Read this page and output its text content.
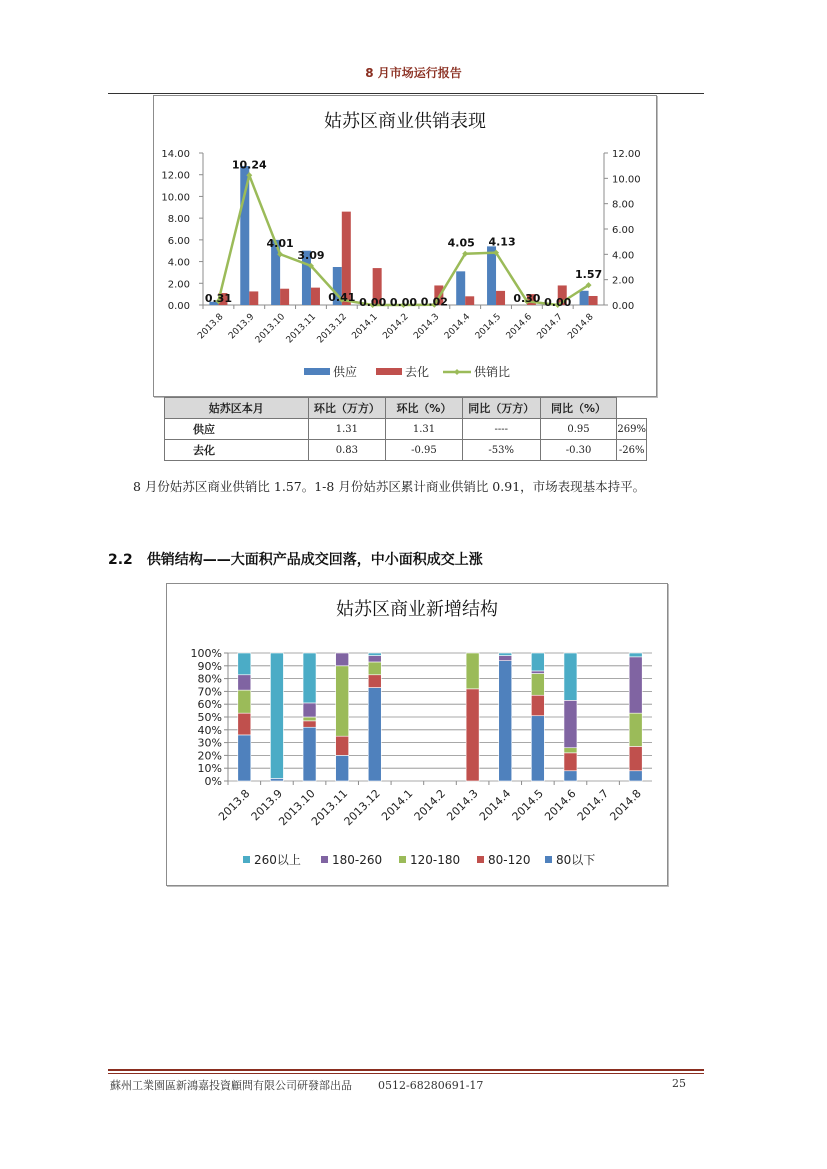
8 月市场运行报告
姑苏区商业供销表现
0.00
2.00
4.00
6.00
8.00
10.00
12.00
14.00
0.00
2.00
4.00
6.00
8.00
10.00
12.00
2013.8 2013.9
2013.10
2013.11
2013.12 2014.1 2014.2 2014.3 2014.4 2014.5 2014.6 2014.7 2014.8
0.31
10.24
4.01
3.09
0.41 0.00 0.00 0.02
4.05 4.13
0.30 0.00
1.57
供应	去化	供销比
姑苏区本月	环比（万方）	环比（%）	同比（万方）	同比（%）	
供应	1.31	1.31	----	0.95	269%
去化	0.83	-0.95	-53%	-0.30	-26%
8 月份姑苏区商业供销比 1.57。1-8 月份姑苏区累计商业供销比 0.91，市场表现基本持平。
2.2 供销结构——大面积产品成交回落，中小面积成交上涨
姑苏区商业新增结构
0%
10%
20%
30%
40%
50%
60%
70%
80%
90%
100%
2013.8
2013.9
2013.10
2013.11
2013.12
2014.1
2014.2
2014.3
2014.4
2014.5
2014.6
2014.7
2014.8
260以上	180-260 120-180 80-120 80以下
蘇州工業園區新鴻嘉投資顧問有限公司研發部出品 0512-68280691-17	25
